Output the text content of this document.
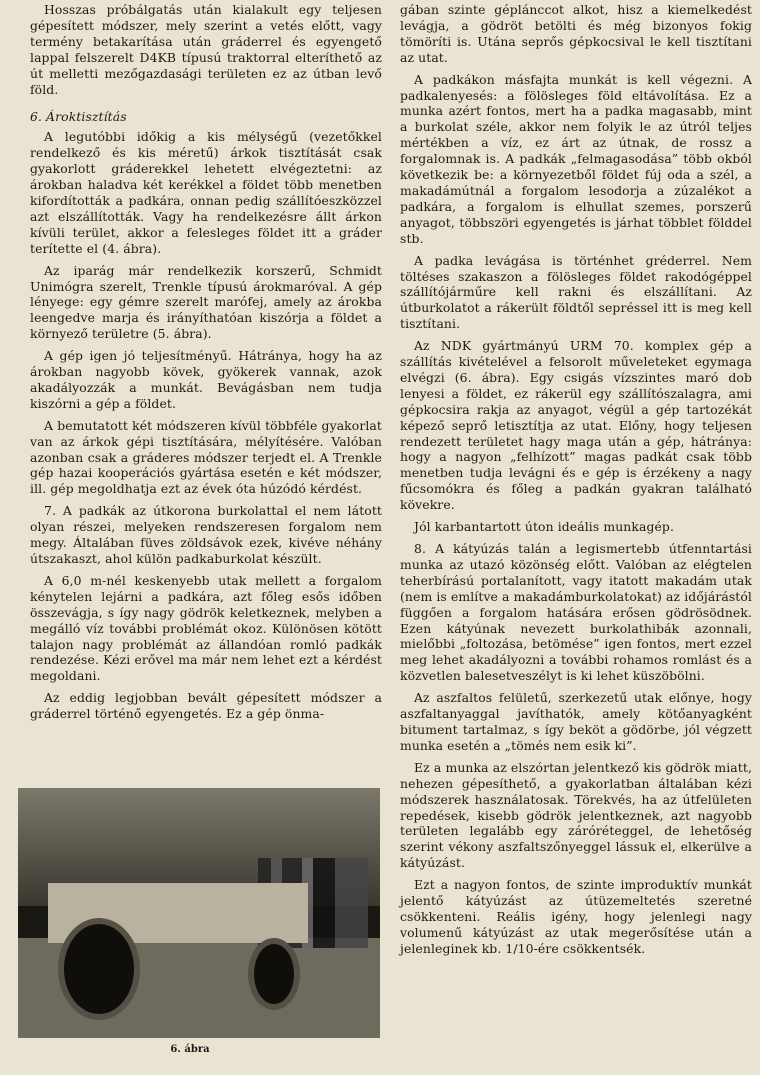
Hosszas próbálgatás után kialakult egy teljesen gépesített módszer, mely szerint a vetés előtt, vagy termény betakarítása után gráderrel és egyengető lappal felszerelt D4KB típusú traktorral elteríthető az út melletti mezőgazdasági területen ez az útban levő föld.

6. Ároktisztítás

A legutóbbi időkig a kis mélységű (vezetőkkel rendelkező és kis méretű) árkok tisztítását csak gyakorlott gráderekkel lehetett elvégeztetni: az árokban haladva két kerékkel a földet több menetben kifordították a padkára, onnan pedig szállítóeszközzel azt elszállították. Vagy ha rendelkezésre állt árkon kívüli terület, akkor a felesleges földet itt a gráder terítette el (4. ábra).

Az iparág már rendelkezik korszerű, Schmidt Unimógra szerelt, Trenkle típusú árokmaróval. A gép lényege: egy gémre szerelt marófej, amely az árokba leengedve marja és irányíthatóan kiszórja a földet a környező területre (5. ábra).

A gép igen jó teljesítményű. Hátránya, hogy ha az árokban nagyobb kövek, gyökerek vannak, azok akadályozzák a munkát. Bevágásban nem tudja kiszórni a gép a földet.

A bemutatott két módszeren kívül többféle gyakorlat van az árkok gépi tisztítására, mélyítésére. Valóban azonban csak a gráderes módszer terjedt el. A Trenkle gép hazai kooperációs gyártása esetén e két módszer, ill. gép megoldhatja ezt az évek óta húzódó kérdést.

7. A padkák az útkorona burkolattal el nem látott olyan részei, melyeken rendszeresen forgalom nem megy. Általában füves zöldsávok ezek, kivéve néhány útszakaszt, ahol külön padkaburkolat készült.

A 6,0 m-nél keskenyebb utak mellett a forgalom kénytelen lejárni a padkára, azt főleg esős időben összevágja, s így nagy gödrök keletkeznek, melyben a megálló víz további problémát okoz. Különösen kötött talajon nagy problémát az állandóan romló padkák rendezése. Kézi erővel ma már nem lehet ezt a kérdést megoldani.

Az eddig legjobban bevált gépesített módszer a gráderrel történő egyengetés. Ez a gép önma-

6. ábra

gában szinte géplánccot alkot, hisz a kiemelkedést levágja, a gödröt betölti és még bizonyos fokig tömöríti is. Utána seprős gépkocsival le kell tisztítani az utat.

A padkákon másfajta munkát is kell végezni. A padkalenyesés: a fölösleges föld eltávolítása. Ez a munka azért fontos, mert ha a padka magasabb, mint a burkolat széle, akkor nem folyik le az útról teljes mértékben a víz, ez árt az útnak, de rossz a forgalomnak is. A padkák „felmagasodása” több okból következik be: a környezetből földet fúj oda a szél, a makadámútnál a forgalom lesodorja a zúzalékot a padkára, a forgalom is elhullat szemes, porszerű anyagot, többszöri egyengetés is járhat többlet földdel stb.

A padka levágása is történhet gréderrel. Nem töltéses szakaszon a fölösleges földet rakodógéppel szállítójárműre kell rakni és elszállítani. Az útburkolatot a rákerült földtől sepréssel itt is meg kell tisztítani.

Az NDK gyártmányú URM 70. komplex gép a szállítás kivételével a felsorolt műveleteket egymaga elvégzi (6. ábra). Egy csigás vízszintes maró dob lenyesi a földet, ez rákerül egy szállítószalagra, ami gépkocsira rakja az anyagot, végül a gép tartozékát képező seprő letisztítja az utat. Előny, hogy teljesen rendezett területet hagy maga után a gép, hátránya: hogy a nagyon „felhízott” magas padkát csak több menetben tudja levágni és e gép is érzékeny a nagy fűcsomókra és főleg a padkán gyakran található kövekre.

Jól karbantartott úton ideális munkagép.

8. A kátyúzás talán a legismertebb útfenntartási munka az utazó közönség előtt. Valóban az elégtelen teherbírású portalanított, vagy itatott makadám utak (nem is említve a makadámburkolatokat) az időjárástól függően a forgalom hatására erősen gödrösödnek. Ezen kátyúnak nevezett burkolathibák azonnali, mielőbbi „foltozása, betömése” igen fontos, mert ezzel meg lehet akadályozni a további rohamos romlást és a közvetlen balesetveszélyt is ki lehet küszöbölni.

Az aszfaltos felületű, szerkezetű utak előnye, hogy aszfaltanyaggal javíthatók, amely kötőanyagként bitument tartalmaz, s így beköt a gödörbe, jól végzett munka esetén a „tömés nem esik ki”.

Ez a munka az elszórtan jelentkező kis gödrök miatt, nehezen gépesíthető, a gyakorlatban általában kézi módszerek használatosak. Törekvés, ha az útfelületen repedések, kisebb gödrök jelentkeznek, azt nagyobb területen legalább egy záróréteggel, de lehetőség szerint vékony aszfaltszőnyeggel lássuk el, elkerülve a kátyúzást.

Ezt a nagyon fontos, de szinte improduktív munkát jelentő kátyúzást az útüzemeltetés szeretné csökkenteni. Reális igény, hogy jelenlegi nagy volumenű kátyúzást az utak megerősítése után a jelenleginek kb. 1/10-ére csökkentsék.
